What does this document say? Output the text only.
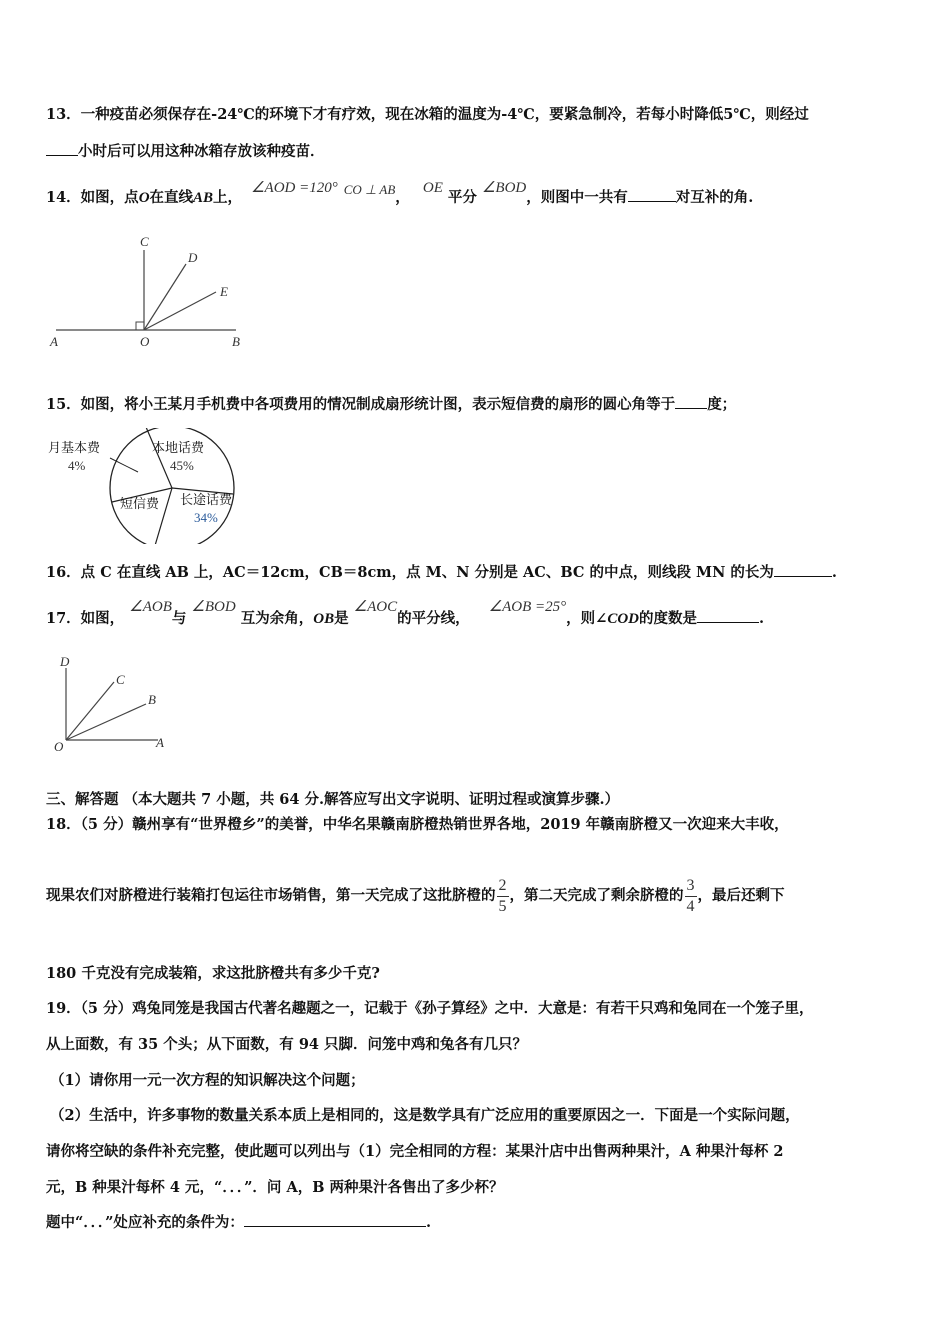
13．一种疫苗必须保存在-24℃的环境下才有疗效，现在冰箱的温度为-4℃，要紧急制冷，若每小时降低5℃，则经过
小时后可以用这种冰箱存放该种疫苗．
14．如图，点O在直线AB上， ∠AOD =120° CO ⊥ AB， OE 平分 ∠BOD，则图中一共有	对互补的角.
C
D
E
A	O	B
15．如图，将小王某月手机费中各项费用的情况制成扇形统计图，表示短信费的扇形的圆心角等于 度；
月基本费
4%
本地话费
45%
短信费 长途话费
34%
16．点 C 在直线 AB 上，AC＝12cm，CB＝8cm，点 M、N 分别是 AC、BC 的中点，则线段 MN 的长为	.
17．如图， ∠AOB与 ∠BOD 互为余角，OB是 ∠AOC的平分线， ∠AOB =25°，则∠COD的度数是	.
D
C
B
O	A
三、解答题 （本大题共 7 小题，共 64 分.解答应写出文字说明、证明过程或演算步骤.）
18．（5 分）赣州享有“世界橙乡”的美誉，中华名果赣南脐橙热销世界各地，2019 年赣南脐橙又一次迎来大丰收，
现果农们对脐橙进行装箱打包运往市场销售，第一天完成了这批脐橙的 $\frac{2}{5}$ ，第二天完成了剩余脐橙的 $\frac{3}{4}$ ，最后还剩下
180 千克没有完成装箱，求这批脐橙共有多少千克?
19．（5 分）鸡兔同笼是我国古代著名趣题之一，记载于《孙子算经》之中．大意是：有若干只鸡和兔同在一个笼子里，
从上面数，有 35 个头；从下面数，有 94 只脚．问笼中鸡和兔各有几只？
（1）请你用一元一次方程的知识解决这个问题；
（2）生活中，许多事物的数量关系本质上是相同的，这是数学具有广泛应用的重要原因之一．下面是一个实际问题，
请你将空缺的条件补充完整，使此题可以列出与（1）完全相同的方程：某果汁店中出售两种果汁，A 种果汁每杯 2
元，B 种果汁每杯 4 元，“．．．”．问 A，B 两种果汁各售出了多少杯？
题中“．．．”处应补充的条件为：	.
